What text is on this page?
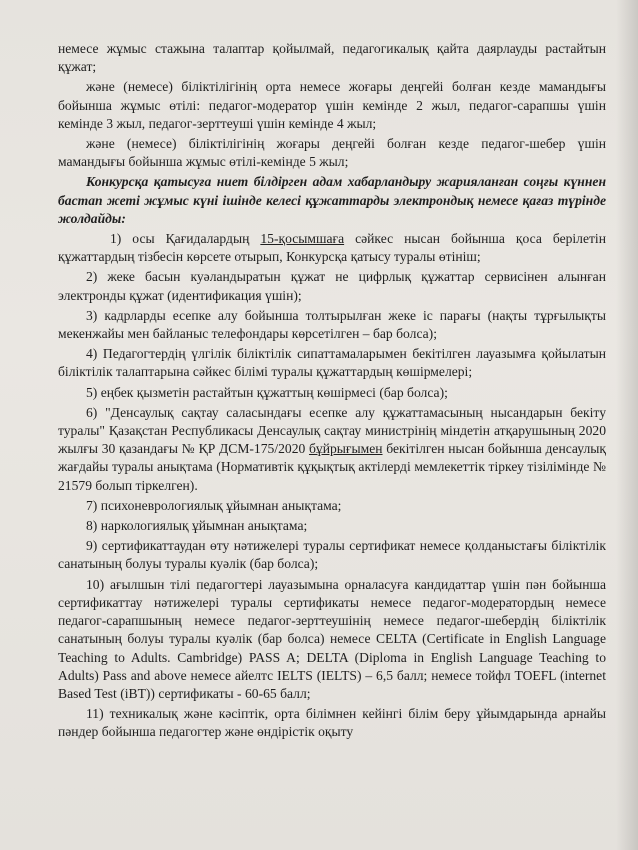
немесе жұмыс стажына талаптар қойылмай, педагогикалық қайта даярлауды растайтын құжат;

және (немесе) біліктілігінің орта немесе жоғары деңгейі болған кезде мамандығы бойынша жұмыс өтілі: педагог-модератор үшін кемінде 2 жыл, педагог-сарапшы үшін кемінде 3 жыл, педагог-зерттеуші үшін кемінде 4 жыл;

және (немесе) біліктілігінің жоғары деңгейі болған кезде педагог-шебер үшін мамандығы бойынша жұмыс өтілі-кемінде 5 жыл;

Конкурсқа қатысуға ниет білдірген адам хабарландыру жарияланған соңғы күннен бастап жеті жұмыс күні ішінде келесі құжаттарды электрондық немесе қағаз түрінде жолдайды:

1) осы Қағидалардың 15-қосымшаға сәйкес нысан бойынша қоса берілетін құжаттардың тізбесін көрсете отырып, Конкурсқа қатысу туралы өтініш;

2) жеке басын куәландыратын құжат не цифрлық құжаттар сервисінен алынған электронды құжат (идентификация үшін);

3) кадрларды есепке алу бойынша толтырылған жеке іс парағы (нақты тұрғылықты мекенжайы мен байланыс телефондары көрсетілген – бар болса);

4) Педагогтердің үлгілік біліктілік сипаттамаларымен бекітілген лауазымға қойылатын біліктілік талаптарына сәйкес білімі туралы құжаттардың көшірмелері;

5) еңбек қызметін растайтын құжаттың көшірмесі (бар болса);

6) "Денсаулық сақтау саласындағы есепке алу құжаттамасының нысандарын бекіту туралы" Қазақстан Республикасы Денсаулық сақтау министрінің міндетін атқарушының 2020 жылғы 30 қазандағы № ҚР ДСМ-175/2020 бұйрығымен бекітілген нысан бойынша денсаулық жағдайы туралы анықтама (Нормативтік құқықтық актілерді мемлекеттік тіркеу тізілімінде № 21579 болып тіркелген).

7) психоневрологиялық ұйымнан анықтама;

8) наркологиялық ұйымнан анықтама;

9) сертификаттаудан өту нәтижелері туралы сертификат немесе қолданыстағы біліктілік санатының болуы туралы куәлік (бар болса);

10) ағылшын тілі педагогтері лауазымына орналасуға кандидаттар үшін пән бойынша сертификаттау нәтижелері туралы сертификаты немесе педагог-модератордың немесе педагог-сарапшының немесе педагог-зерттеушінің немесе педагог-шебердің біліктілік санатының болуы туралы куәлік (бар болса) немесе CELTA (Certificate in English Language Teaching to Adults. Cambridge) PASS A; DELTA (Diploma in English Language Teaching to Adults) Pass and above немесе айелтс IELTS (IELTS) – 6,5 балл; немесе тойфл TOEFL (internet Based Test (iBT)) сертификаты - 60-65 балл;

11) техникалық және кәсіптік, орта білімнен кейінгі білім беру ұйымдарында арнайы пәндер бойынша педагогтер және өндірістік оқыту
